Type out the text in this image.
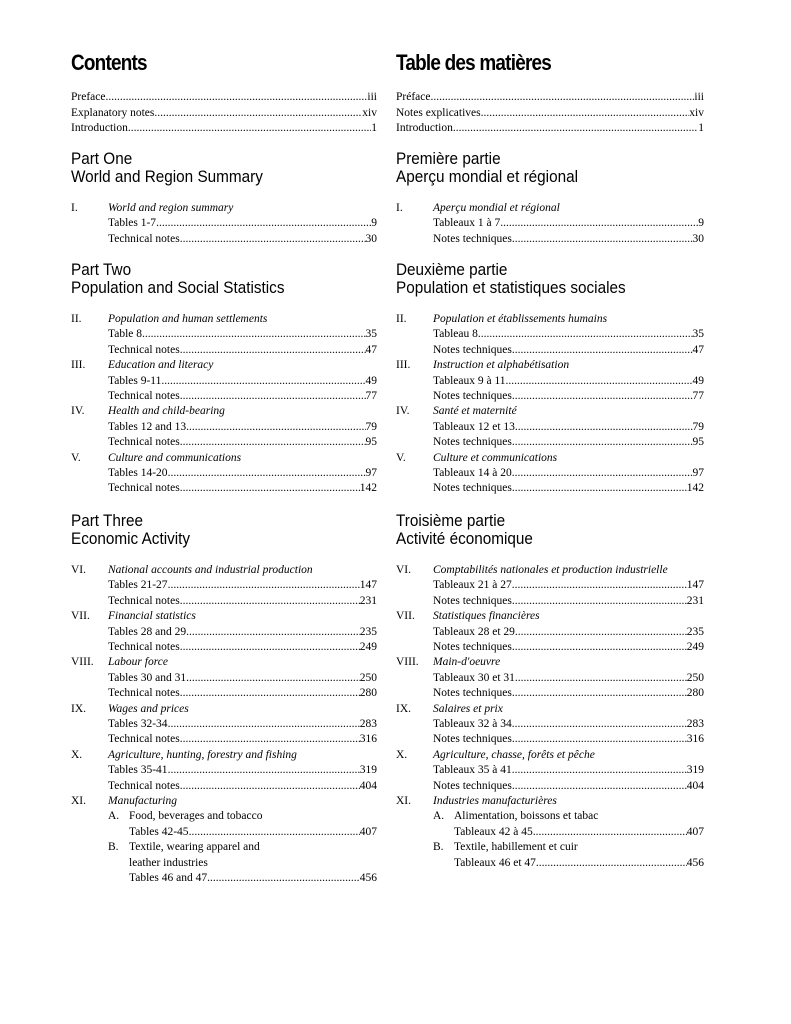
Contents
Preface .....	iii
Explanatory notes .....	xiv
Introduction .....	1
Part One
World and Region Summary
I.	World and region summary
Tables 1-7 .....	9
Technical notes .....	30
Part Two
Population and Social Statistics
II. Population and human settlements
Table 8 .....	35
Technical notes .....	47
III. Education and literacy
Tables 9-11 .....	49
Technical notes .....	77
IV. Health and child-bearing
Tables 12 and 13 .....	79
Technical notes .....	95
V. Culture and communications
Tables 14-20 .....	97
Technical notes .....	142
Part Three
Economic Activity
VI. National accounts and industrial production
Tables 21-27 .....	147
Technical notes .....	231
VII. Financial statistics
Tables 28 and 29 .....	235
Technical notes .....	249
VIII. Labour force
Tables 30 and 31 .....	250
Technical notes .....	280
IX. Wages and prices
Tables 32-34 .....	283
Technical notes .....	316
X. Agriculture, hunting, forestry and fishing
Tables 35-41 .....	319
Technical notes .....	404
XI. Manufacturing
A. Food, beverages and tobacco
Tables 42-45 .....	407
B. Textile, wearing apparel and
leather industries
Tables 46 and 47 .....	456
Table des matières
Préface .....	iii
Notes explicatives .....	xiv
Introduction .....	1
Première partie
Aperçu mondial et régional
I.	Aperçu mondial et régional
Tableaux 1 à 7 .....	9
Notes techniques .....	30
Deuxième partie
Population et statistiques sociales
II. Population et établissements humains
Tableau 8 .....	35
Notes techniques .....	47
III. Instruction et alphabétisation
Tableaux 9 à 11 .....	49
Notes techniques .....	77
IV. Santé et maternité
Tableaux 12 et 13 .....	79
Notes techniques .....	95
V. Culture et communications
Tableaux 14 à 20 .....	97
Notes techniques .....	142
Troisième partie
Activité économique
VI. Comptabilités nationales et production industrielle
Tableaux 21 à 27 .....	147
Notes techniques .....	231
VII. Statistiques financières
Tableaux 28 et 29 .....	235
Notes techniques .....	249
VIII. Main-d'oeuvre
Tableaux 30 et 31 .....	250
Notes techniques .....	280
IX. Salaires et prix
Tableaux 32 à 34 .....	283
Notes techniques .....	316
X. Agriculture, chasse, forêts et pêche
Tableaux 35 à 41 .....	319
Notes techniques .....	404
XI. Industries manufacturières
A. Alimentation, boissons et tabac
Tableaux 42 à 45 .....	407
B. Textile, habillement et cuir
Tableaux 46 et 47 .....	456
